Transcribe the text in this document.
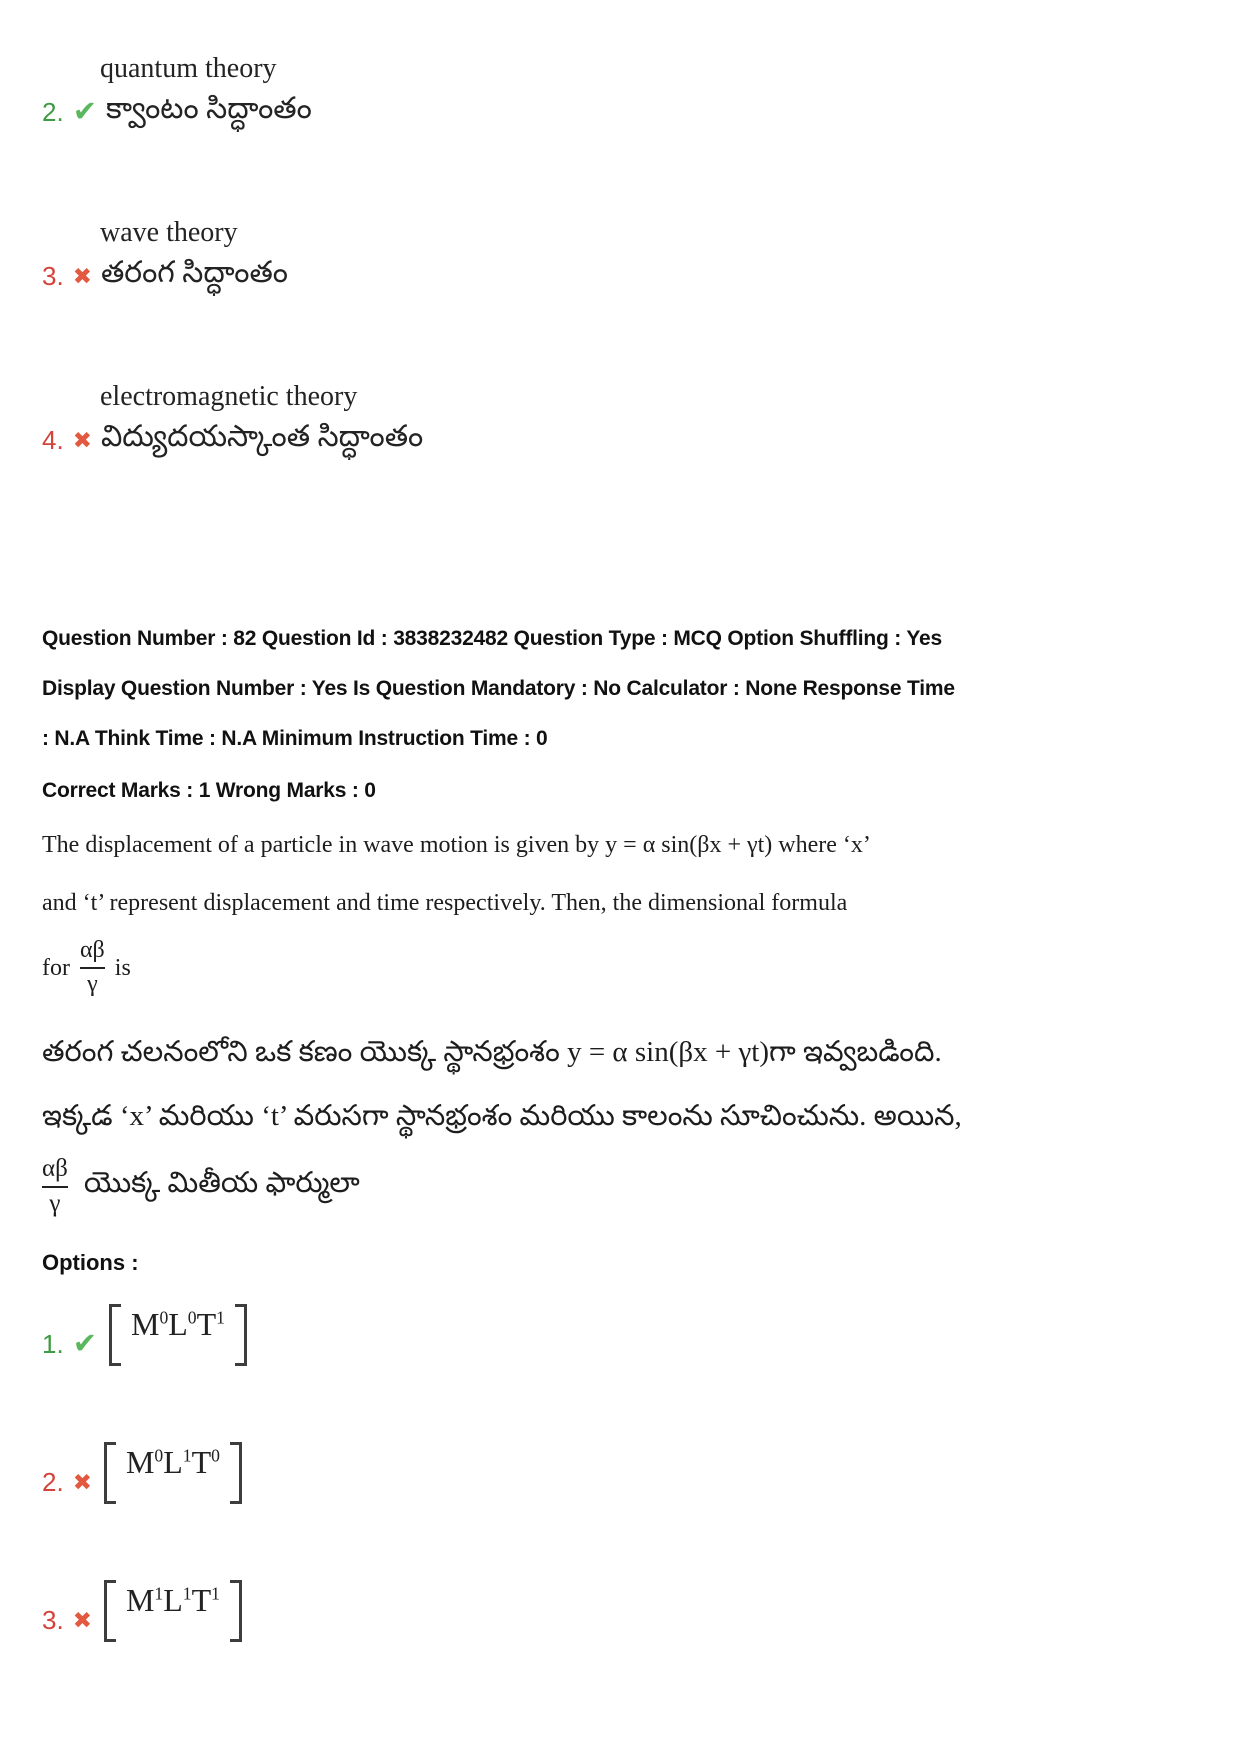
quantum theory
2. ✔ క్వాంటం సిద్ధాంతం
wave theory
3. ✖ తరంగ సిద్ధాంతం
electromagnetic theory
4. ✖ విద్యుదయస్కాంత సిద్ధాంతం
Question Number : 82 Question Id : 3838232482 Question Type : MCQ Option Shuffling : Yes
Display Question Number : Yes Is Question Mandatory : No Calculator : None Response Time
: N.A Think Time : N.A Minimum Instruction Time : 0
Correct Marks : 1 Wrong Marks : 0
The displacement of a particle in wave motion is given by y = α sin(βx + γt) where ‘x’
and ‘t’ represent displacement and time respectively. Then, the dimensional formula
for $\frac{\alpha\beta}{\gamma}$ is
తరంగ చలనంలోని ఒక కణం యొక్క స్థానభ్రంశం y = α sin(βx + γt)గా ఇవ్వబడింది.
ఇక్కడ ‘x’ మరియు ‘t’ వరుసగా స్థానభ్రంశం మరియు కాలంను సూచించును. అయిన,
$\frac{\alpha\beta}{\gamma}$ యొక్క మితీయ ఫార్ములా
Options :
1. ✔
$M^0L^0T^1$
2. ✖
$M^0L^1T^0$
3. ✖
$M^1L^1T^1$
